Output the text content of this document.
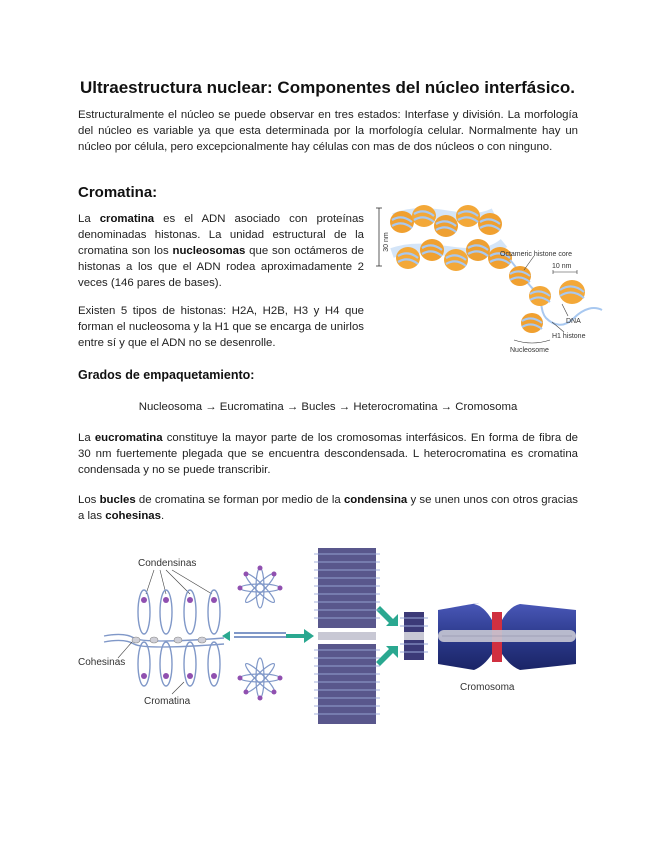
Ultraestructura nuclear: Componentes del núcleo interfásico.

Estructuralmente el núcleo se puede observar en tres estados: Interfase y división. La morfología del núcleo es variable ya que esta determinada por la morfología celular. Normalmente hay un núcleo por célula, pero excepcionalmente hay células con mas de dos núcleos o con ninguno.

Cromatina:

La cromatina es el ADN asociado con proteínas denominadas histonas. La unidad estructural de la cromatina son los nucleosomas que son octámeros de histonas a los que el ADN rodea aproximadamente 2 veces (146 pares de bases).

Existen 5 tipos de histonas: H2A, H2B, H3 y H4 que forman el nucleosoma y la H1 que se encarga de unirlos entre sí y que el ADN no se desenrolle.

30 nm
Octameric histone core
10 nm
DNA
H1 histone
Nucleosome
Grados de empaquetamiento:
Nucleosoma → Eucromatina → Bucles → Heterocromatina → Cromosoma

La eucromatina constituye la mayor parte de los cromosomas interfásicos. En forma de fibra de 30 nm fuertemente plegada que se encuentra descondensada. L heterocromatina es cromatina condensada y no se puede transcribir.

Los bucles de cromatina se forman por medio de la condensina y se unen unos con otros gracias a las cohesinas.

Condensinas
Cohesinas
Cromatina
Cromosoma
